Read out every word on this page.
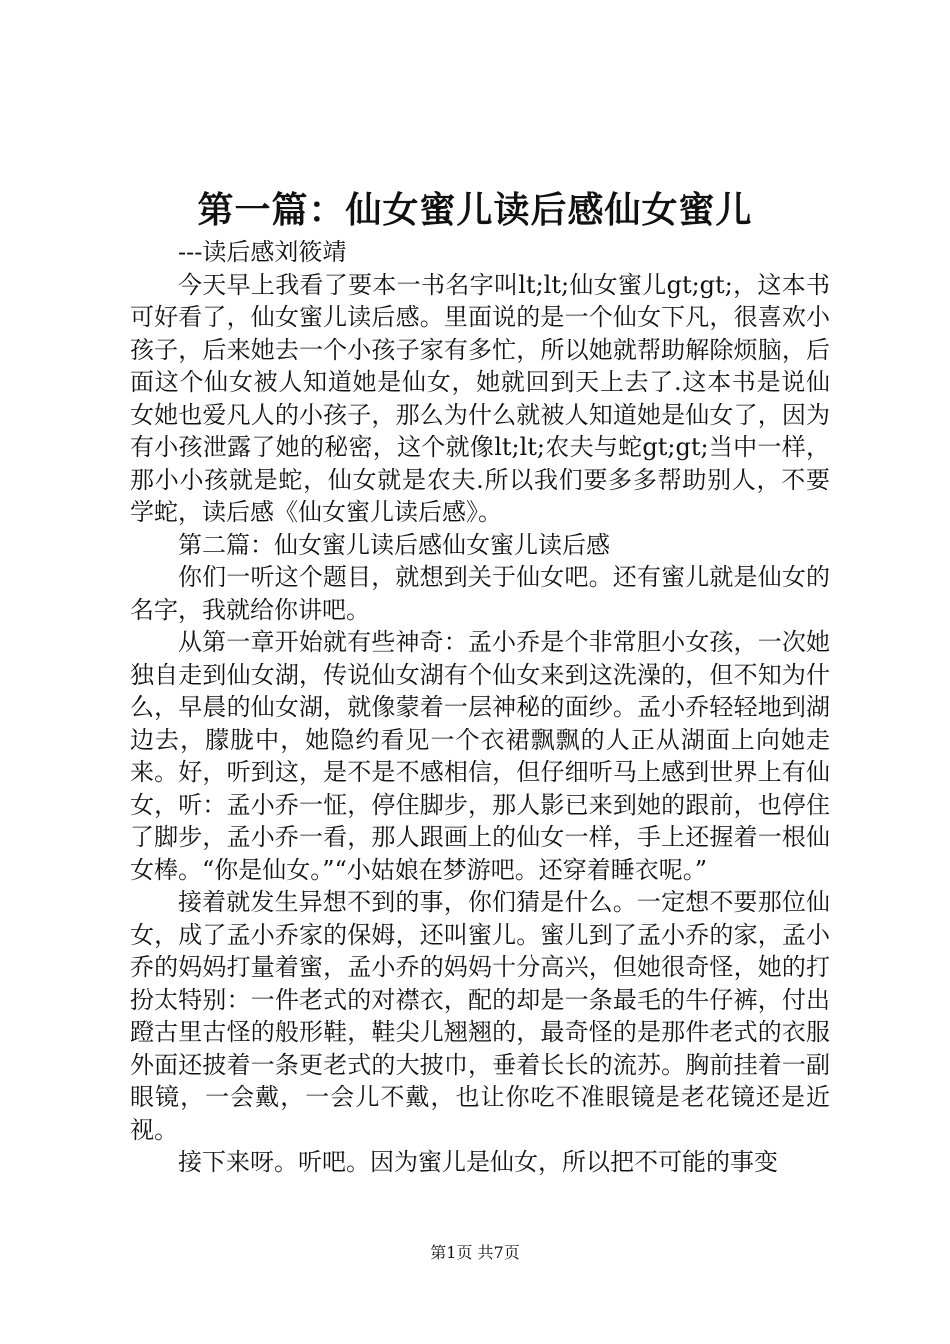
第一篇：仙女蜜儿读后感仙女蜜儿

---读后感刘筱靖

今天早上我看了要本一书名字叫lt;lt;仙女蜜儿gt;gt;，这本书可好看了，仙女蜜儿读后感。里面说的是一个仙女下凡，很喜欢小孩子，后来她去一个小孩子家有多忙，所以她就帮助解除烦脑，后面这个仙女被人知道她是仙女，她就回到天上去了.这本书是说仙女她也爱凡人的小孩子，那么为什么就被人知道她是仙女了，因为有小孩泄露了她的秘密，这个就像lt;lt;农夫与蛇gt;gt;当中一样，那小小孩就是蛇，仙女就是农夫.所以我们要多多帮助别人，不要学蛇，读后感《仙女蜜儿读后感》。

第二篇：仙女蜜儿读后感仙女蜜儿读后感

你们一听这个题目，就想到关于仙女吧。还有蜜儿就是仙女的名字，我就给你讲吧。

从第一章开始就有些神奇：孟小乔是个非常胆小女孩，一次她独自走到仙女湖，传说仙女湖有个仙女来到这洗澡的，但不知为什么，早晨的仙女湖，就像蒙着一层神秘的面纱。孟小乔轻轻地到湖边去，朦胧中，她隐约看见一个衣裙飘飘的人正从湖面上向她走来。好，听到这，是不是不感相信，但仔细听马上感到世界上有仙女，听：孟小乔一怔，停住脚步，那人影已来到她的跟前，也停住了脚步，孟小乔一看，那人跟画上的仙女一样，手上还握着一根仙女棒。“你是仙女。”“小姑娘在梦游吧。还穿着睡衣呢。”

接着就发生异想不到的事，你们猜是什么。一定想不要那位仙女，成了孟小乔家的保姆，还叫蜜儿。蜜儿到了孟小乔的家，孟小乔的妈妈打量着蜜，孟小乔的妈妈十分高兴，但她很奇怪，她的打扮太特别：一件老式的对襟衣，配的却是一条最毛的牛仔裤，付出蹬古里古怪的般形鞋，鞋尖儿翘翘的，最奇怪的是那件老式的衣服外面还披着一条更老式的大披巾，垂着长长的流苏。胸前挂着一副眼镜，一会戴，一会儿不戴，也让你吃不准眼镜是老花镜还是近视。

接下来呀。听吧。因为蜜儿是仙女，所以把不可能的事变

第1页 共7页
